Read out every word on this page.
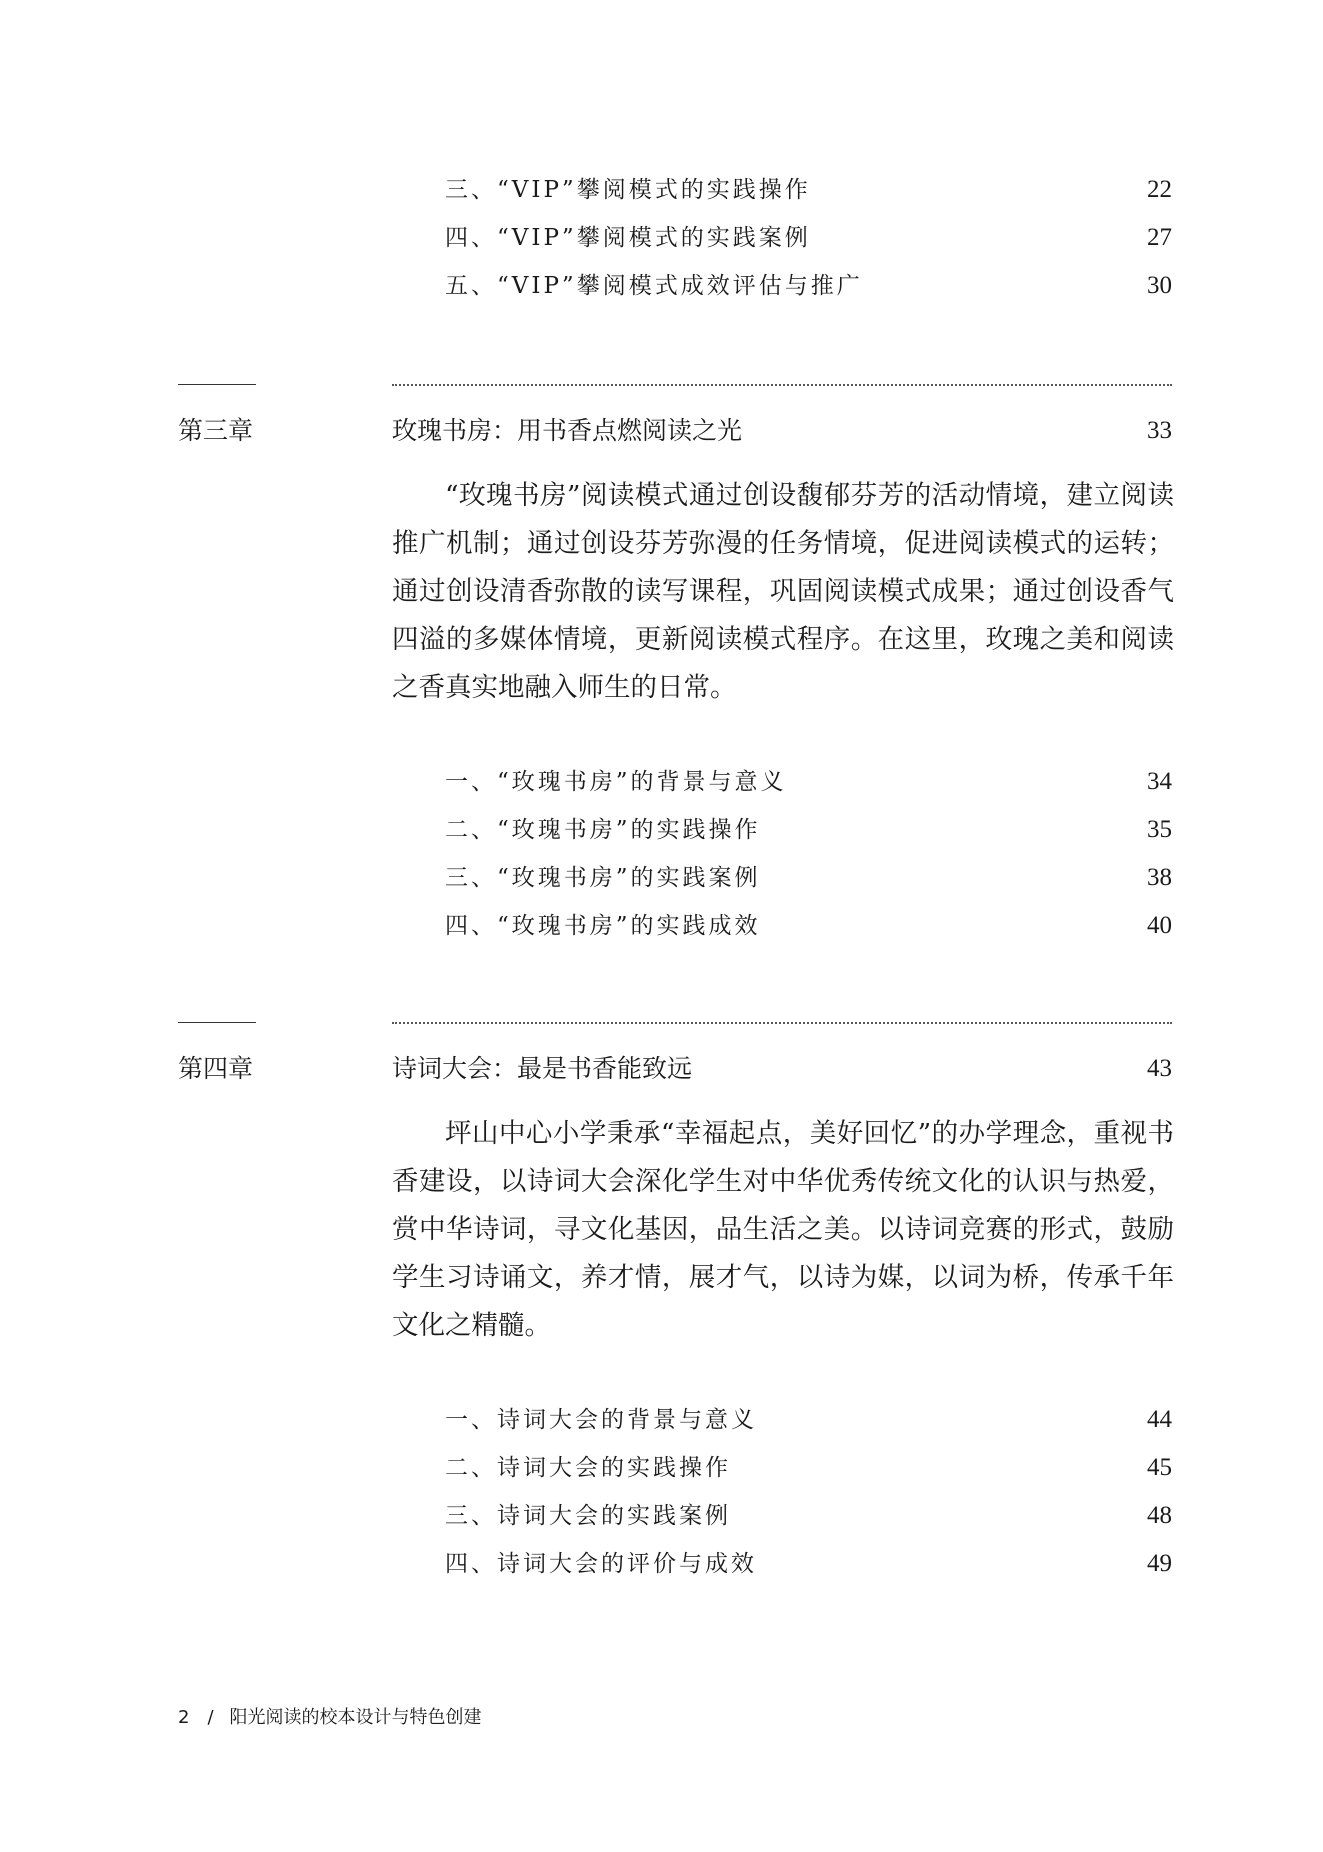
三、“VIP”攀阅模式的实践操作	22
四、“VIP”攀阅模式的实践案例	27
五、“VIP”攀阅模式成效评估与推广	30
第三章	玫瑰书房：用书香点燃阅读之光	33

“玫瑰书房”阅读模式通过创设馥郁芬芳的活动情境，建立阅读推广机制；通过创设芬芳弥漫的任务情境，促进阅读模式的运转；通过创设清香弥散的读写课程，巩固阅读模式成果；通过创设香气四溢的多媒体情境，更新阅读模式程序。在这里，玫瑰之美和阅读之香真实地融入师生的日常。

一、“玫瑰书房”的背景与意义	34
二、“玫瑰书房”的实践操作	35
三、“玫瑰书房”的实践案例	38
四、“玫瑰书房”的实践成效	40
第四章	诗词大会：最是书香能致远	43

坪山中心小学秉承“幸福起点，美好回忆”的办学理念，重视书香建设，以诗词大会深化学生对中华优秀传统文化的认识与热爱，赏中华诗词，寻文化基因，品生活之美。以诗词竞赛的形式，鼓励学生习诗诵文，养才情，展才气，以诗为媒，以词为桥，传承千年文化之精髓。

一、诗词大会的背景与意义	44
二、诗词大会的实践操作	45
三、诗词大会的实践案例	48
四、诗词大会的评价与成效	49
2 / 阳光阅读的校本设计与特色创建
